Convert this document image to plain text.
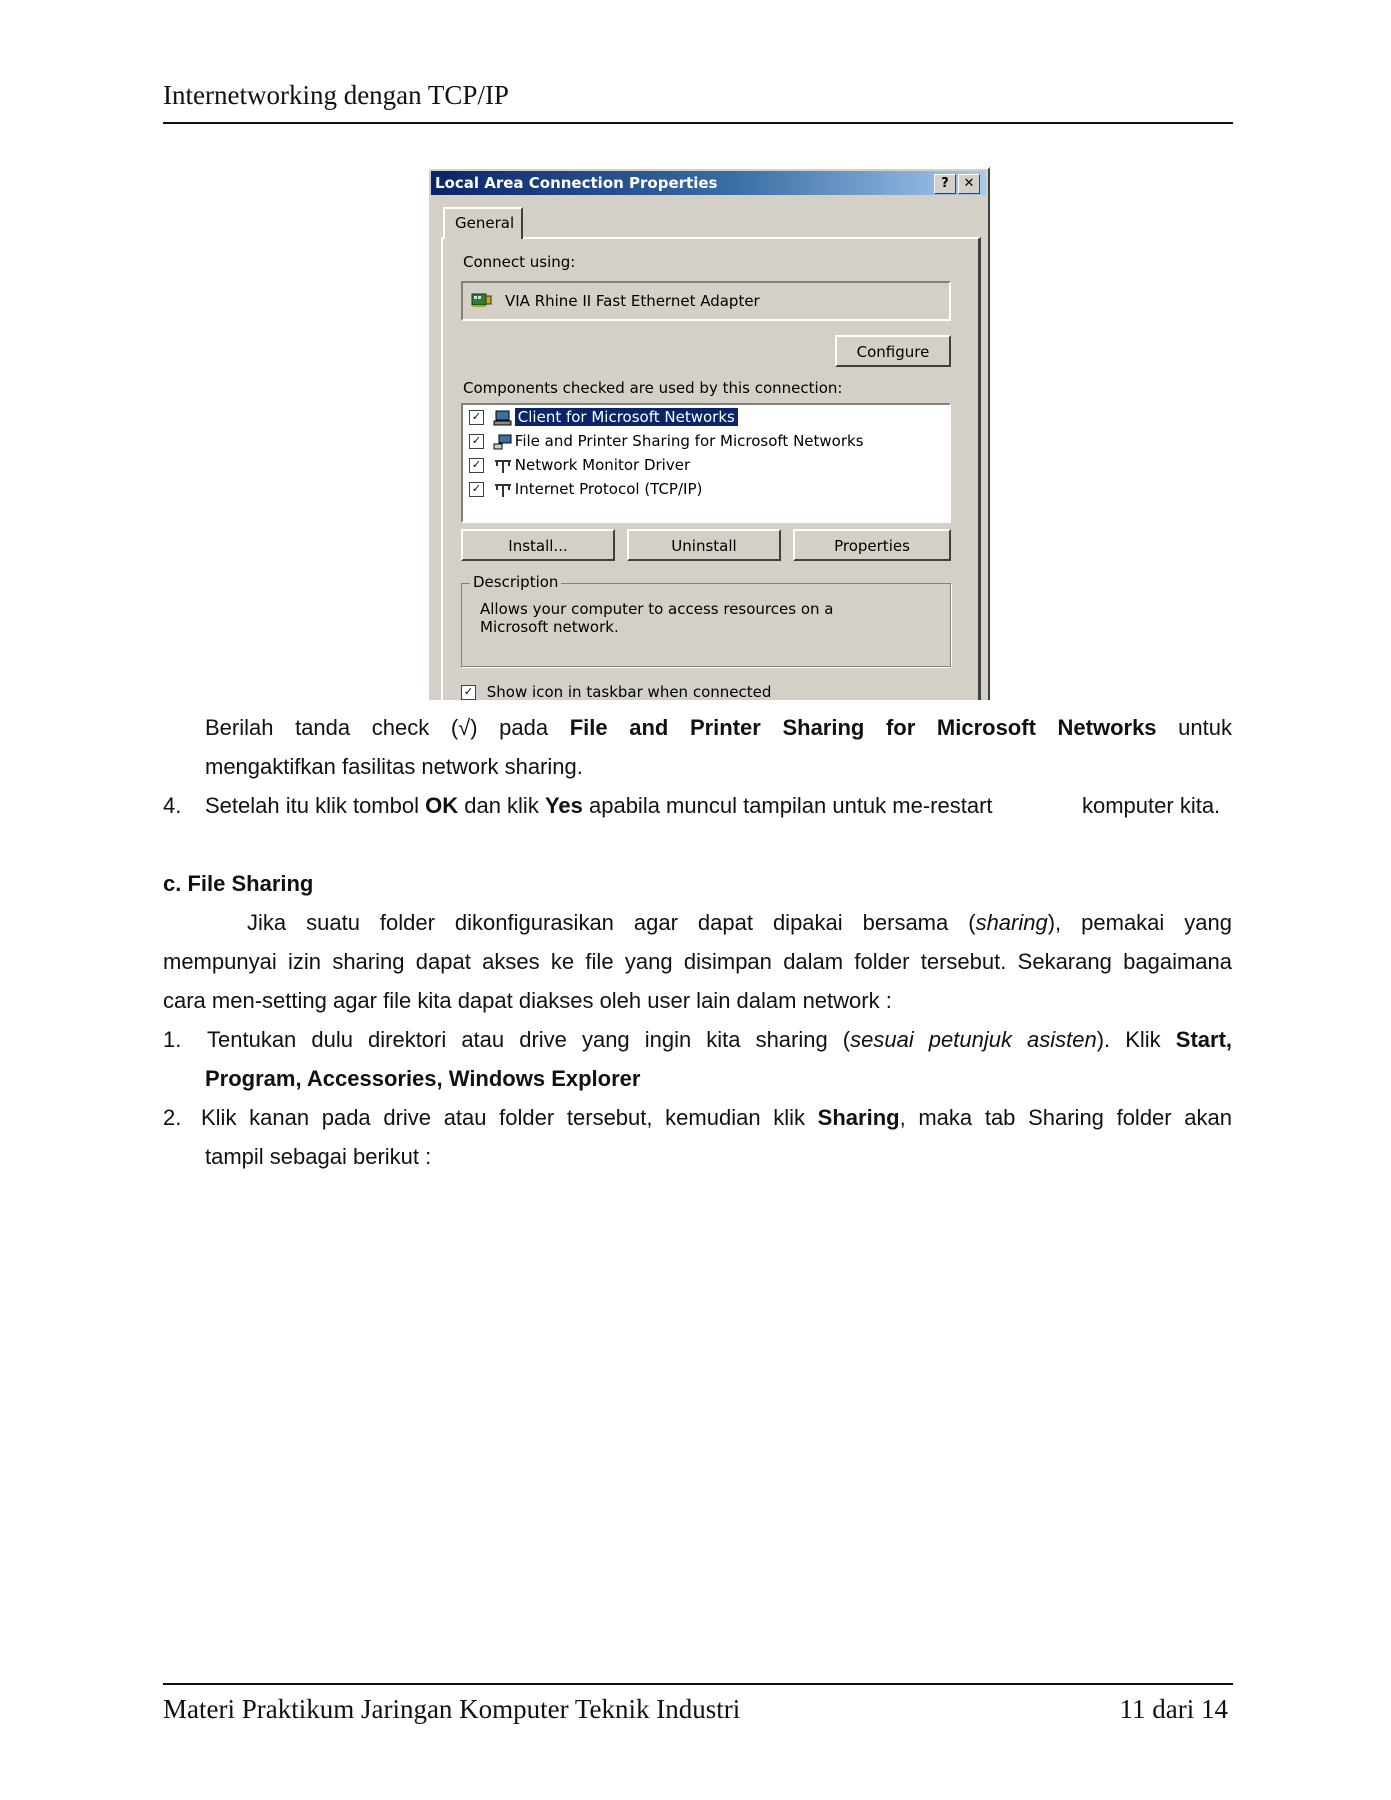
Internetworking dengan TCP/IP
Local Area Connection Properties	?	✕
General
Connect using:
VIA Rhine II Fast Ethernet Adapter
Configure
Components checked are used by this connection:
✓ Client for Microsoft Networks
✓ File and Printer Sharing for Microsoft Networks
✓ Network Monitor Driver
✓ Internet Protocol (TCP/IP)
Install...	Uninstall	Properties
Description
Allows your computer to access resources on a Microsoft network.
✓ Show icon in taskbar when connected
Berilah tanda check (√) pada File and Printer Sharing for Microsoft Networks untuk
mengaktifkan fasilitas network sharing.
4. Setelah itu klik tombol OK dan klik Yes apabila muncul tampilan untuk me-restart	komputer kita.
c. File Sharing
Jika suatu folder dikonfigurasikan agar dapat dipakai bersama (sharing), pemakai yang
mempunyai izin sharing dapat akses ke file yang disimpan dalam folder tersebut. Sekarang bagaimana
cara men-setting agar file kita dapat diakses oleh user lain dalam network :
1. Tentukan dulu direktori atau drive yang ingin kita sharing (sesuai petunjuk asisten). Klik Start,
Program, Accessories, Windows Explorer
2. Klik kanan pada drive atau folder tersebut, kemudian klik Sharing, maka tab Sharing folder akan
tampil sebagai berikut :
Materi Praktikum Jaringan Komputer Teknik Industri	11 dari 14
